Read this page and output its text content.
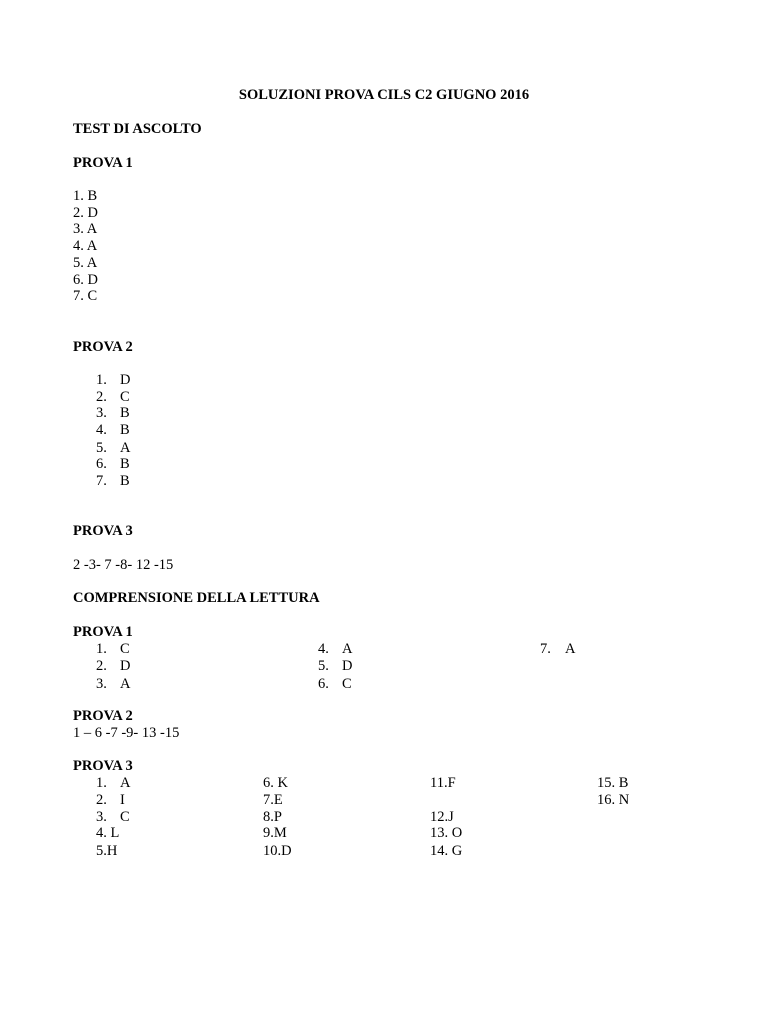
SOLUZIONI PROVA CILS C2 GIUGNO 2016
TEST DI ASCOLTO
PROVA 1
1. B
2. D
3. A
4. A
5. A
6. D
7. C
PROVA 2
1. D
2. C
3. B
4. B
5. A
6. B
7. B
PROVA 3
2 -3- 7 -8- 12 -15
COMPRENSIONE DELLA LETTURA
PROVA 1
1. C
2. D
3. A
4. A
5. D
6. C
7. A
PROVA 2
1 – 6 -7 -9- 13 -15
PROVA 3
1. A
2. I
3. C
4. L
5.H
6. K
7.E
8.P
9.M
10.D
11.F
12.J
13. O
14. G
15. B
16. N
